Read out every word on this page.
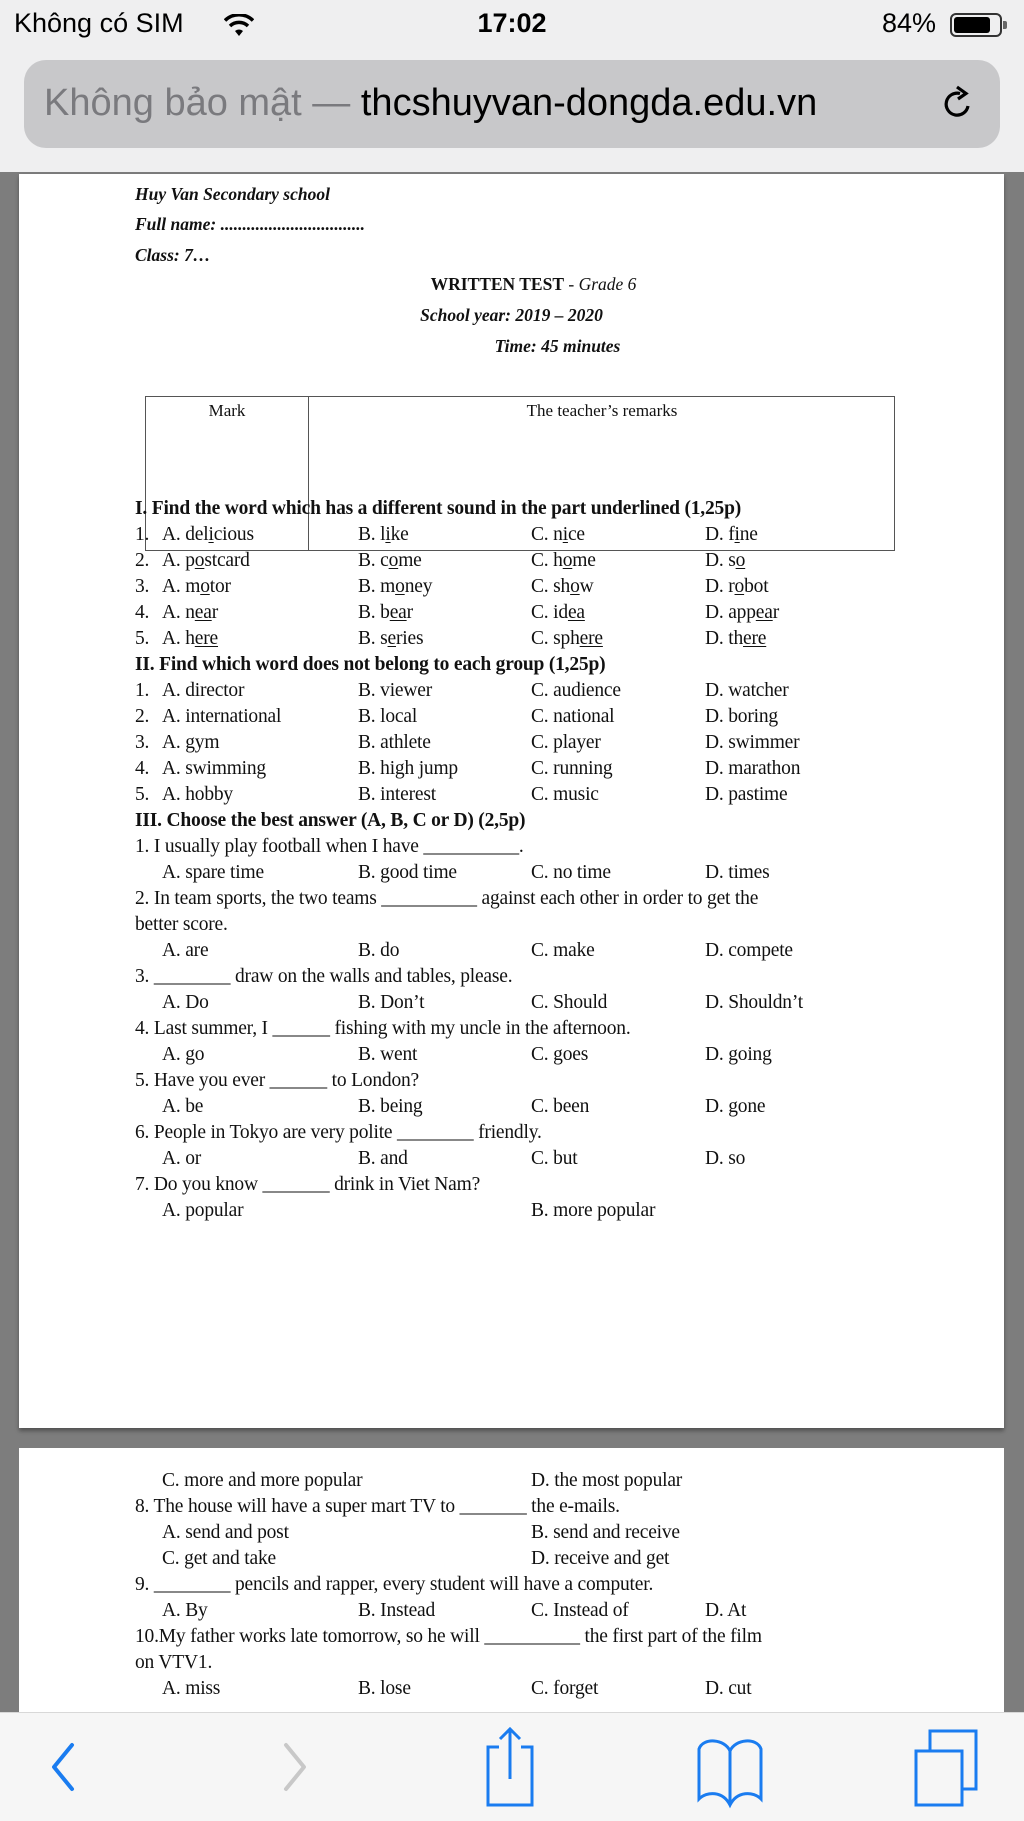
Không có SIM	17:02	84%
Không bảo mật — thcshuyvan-dongda.edu.vn
Huy Van Secondary school
Full name: .................................
Class: 7…
WRITTEN TEST - Grade 6
School year: 2019 – 2020
Time: 45 minutes
Mark	The teacher’s remarks
I. Find the word which has a different sound in the part underlined (1,25p)
1. A. delicious	B. like	C. nice	D. fine
2. A. postcard	B. come	C. home	D. so
3. A. motor	B. money	C. show	D. robot
4. A. near	B. bear	C. idea	D. appear
5. A. here	B. series	C. sphere	D. there
II. Find which word does not belong to each group (1,25p)
1. A. director	B. viewer	C. audience	D. watcher
2. A. international	B. local	C. national	D. boring
3. A. gym	B. athlete	C. player	D. swimmer
4. A. swimming	B. high jump	C. running	D. marathon
5. A. hobby	B. interest	C. music	D. pastime
III. Choose the best answer (A, B, C or D) (2,5p)
1. I usually play football when I have __________.
A. spare time	B. good time	C. no time	D. times
2. In team sports, the two teams __________ against each other in order to get the
better score.
A. are	B. do	C. make	D. compete
3. ________ draw on the walls and tables, please.
A. Do	B. Don’t	C. Should	D. Shouldn’t
4. Last summer, I ______ fishing with my uncle in the afternoon.
A. go	B. went	C. goes	D. going
5. Have you ever ______ to London?
A. be	B. being	C. been	D. gone
6. People in Tokyo are very polite ________ friendly.
A. or	B. and	C. but	D. so
7. Do you know _______ drink in Viet Nam?
A. popular	B. more popular
C. more and more popular	D. the most popular
8. The house will have a super mart TV to _______ the e-mails.
A. send and post	B. send and receive
C. get and take	D. receive and get
9. ________ pencils and rapper, every student will have a computer.
A. By	B. Instead	C. Instead of	D. At
10.My father works late tomorrow, so he will __________ the first part of the film
on VTV1.
A. miss	B. lose	C. forget	D. cut
